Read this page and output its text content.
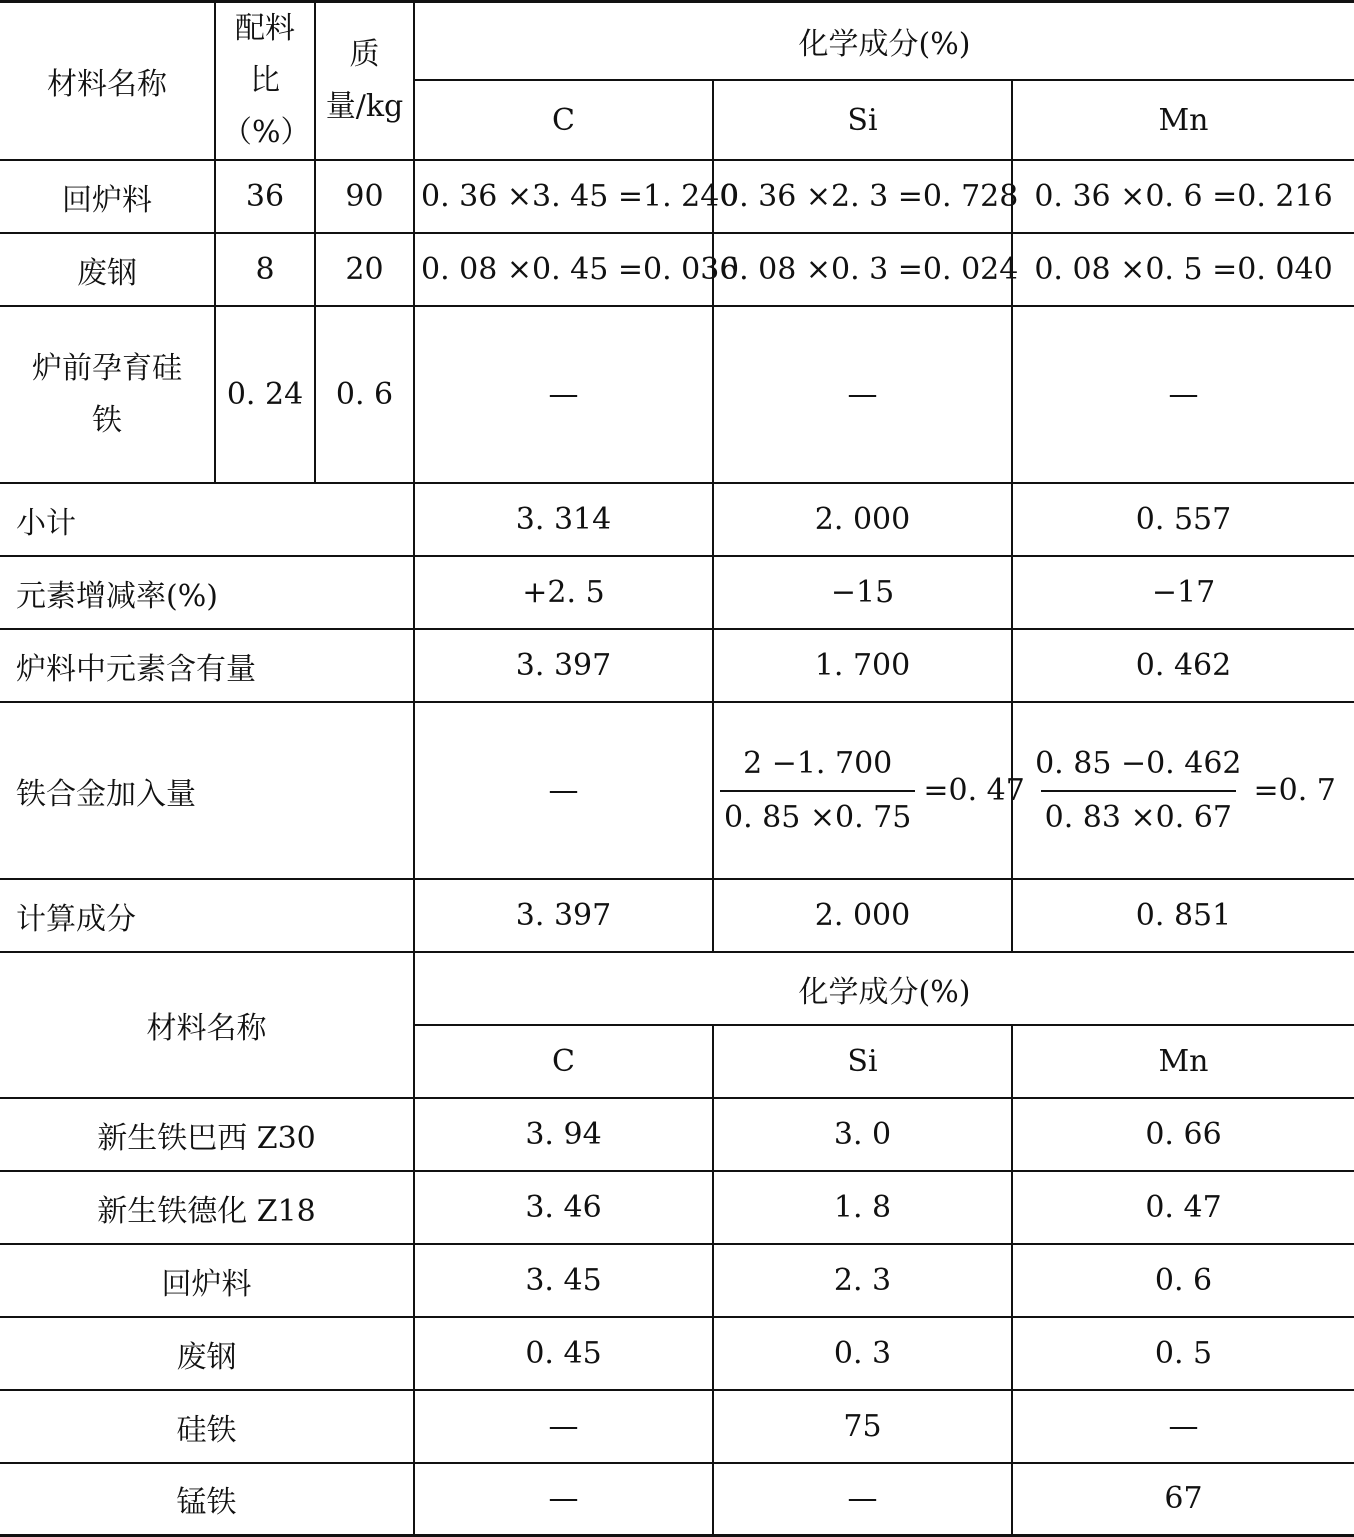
材料名称	配料比（%）	质量/kg	化学成分(%)		
			C	Si	Mn
回炉料	36	90	0. 36 ×3. 45 =1. 240	0. 36 ×2. 3 =0. 728	0. 36 ×0. 6 =0. 216
废钢	8	20	0. 08 ×0. 45 =0. 036	0. 08 ×0. 3 =0. 024	0. 08 ×0. 5 =0. 040
炉前孕育硅铁	0. 24	0. 6	—	—	—
小计			3. 314	2. 000	0. 557
元素增减率(%)			+2. 5	−15	−17
炉料中元素含有量			3. 397	1. 700	0. 462
铁合金加入量			—	$\frac{2 -1. 700}{0. 85 \times 0. 75} =0$. 47	$\frac{0. 85 -0. 462}{0. 83 \times 0. 67} =0$. 7

计算成分			3. 397	2. 000	0. 851
材料名称			化学成分(%)		
			C	Si	Mn
新生铁巴西 Z30			3. 94	3. 0	0. 66
新生铁德化 Z18			3. 46	1. 8	0. 47
回炉料			3. 45	2. 3	0. 6
废钢			0. 45	0. 3	0. 5
硅铁			—	75	—
锰铁			—	—	67
